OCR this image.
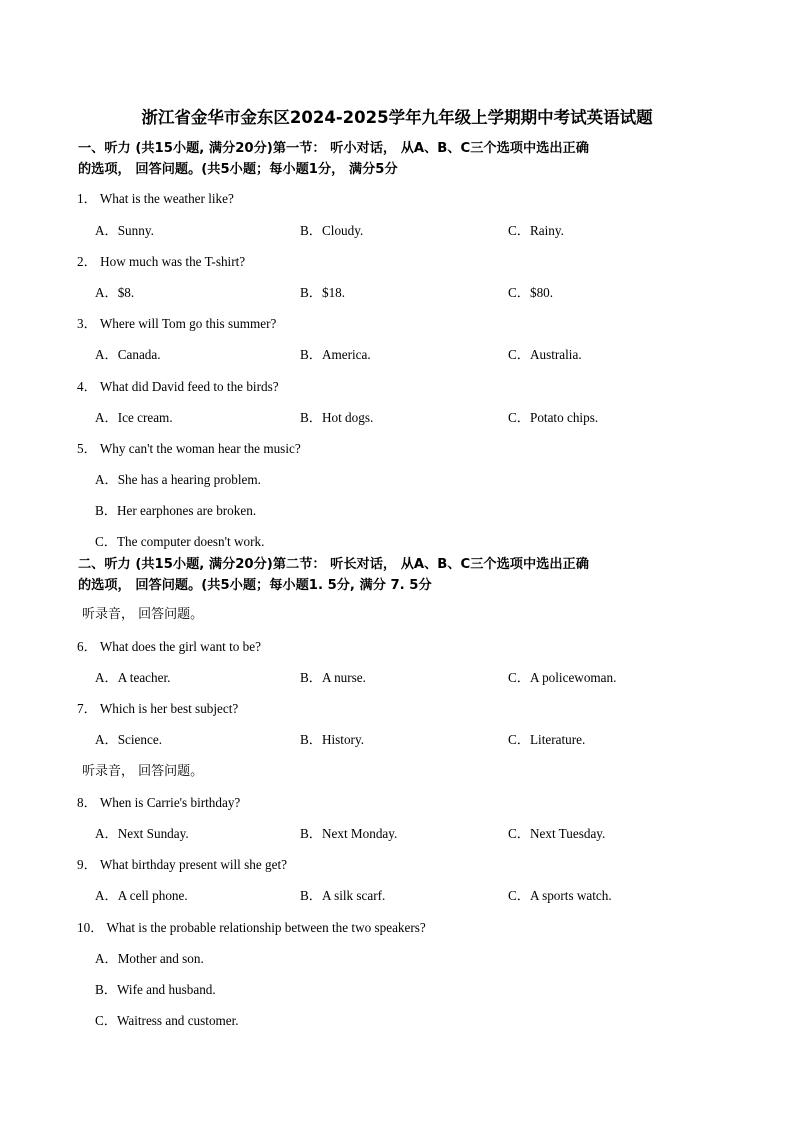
浙江省金华市金东区2024-2025学年九年级上学期期中考试英语试题
一、听力 (共15小题, 满分20分)第一节： 听小对话， 从A、B、C三个选项中选出正确
的选项， 回答问题。(共5小题；每小题1分， 满分5分
1． What is the weather like?
A．Sunny.	B．Cloudy.	C．Rainy.
2． How much was the T-shirt?
A．$8.	B．$18.	C．$80.
3． Where will Tom go this summer?
A．Canada.	B．America.	C．Australia.
4． What did David feed to the birds?
A．Ice cream.	B．Hot dogs.	C．Potato chips.
5． Why can't the woman hear the music?
A．She has a hearing problem.
B．Her earphones are broken.
C．The computer doesn't work.
二、听力 (共15小题, 满分20分)第二节： 听长对话， 从A、B、C三个选项中选出正确
的选项， 回答问题。(共5小题；每小题1. 5分, 满分 7. 5分
听录音， 回答问题。
6． What does the girl want to be?
A．A teacher.	B．A nurse.	C．A policewoman.
7． Which is her best subject?
A．Science.	B．History.	C．Literature.
听录音， 回答问题。
8． When is Carrie's birthday?
A．Next Sunday.	B．Next Monday.	C．Next Tuesday.
9． What birthday present will she get?
A．A cell phone.	B．A silk scarf.	C．A sports watch.
10． What is the probable relationship between the two speakers?
A．Mother and son.
B．Wife and husband.
C．Waitress and customer.
